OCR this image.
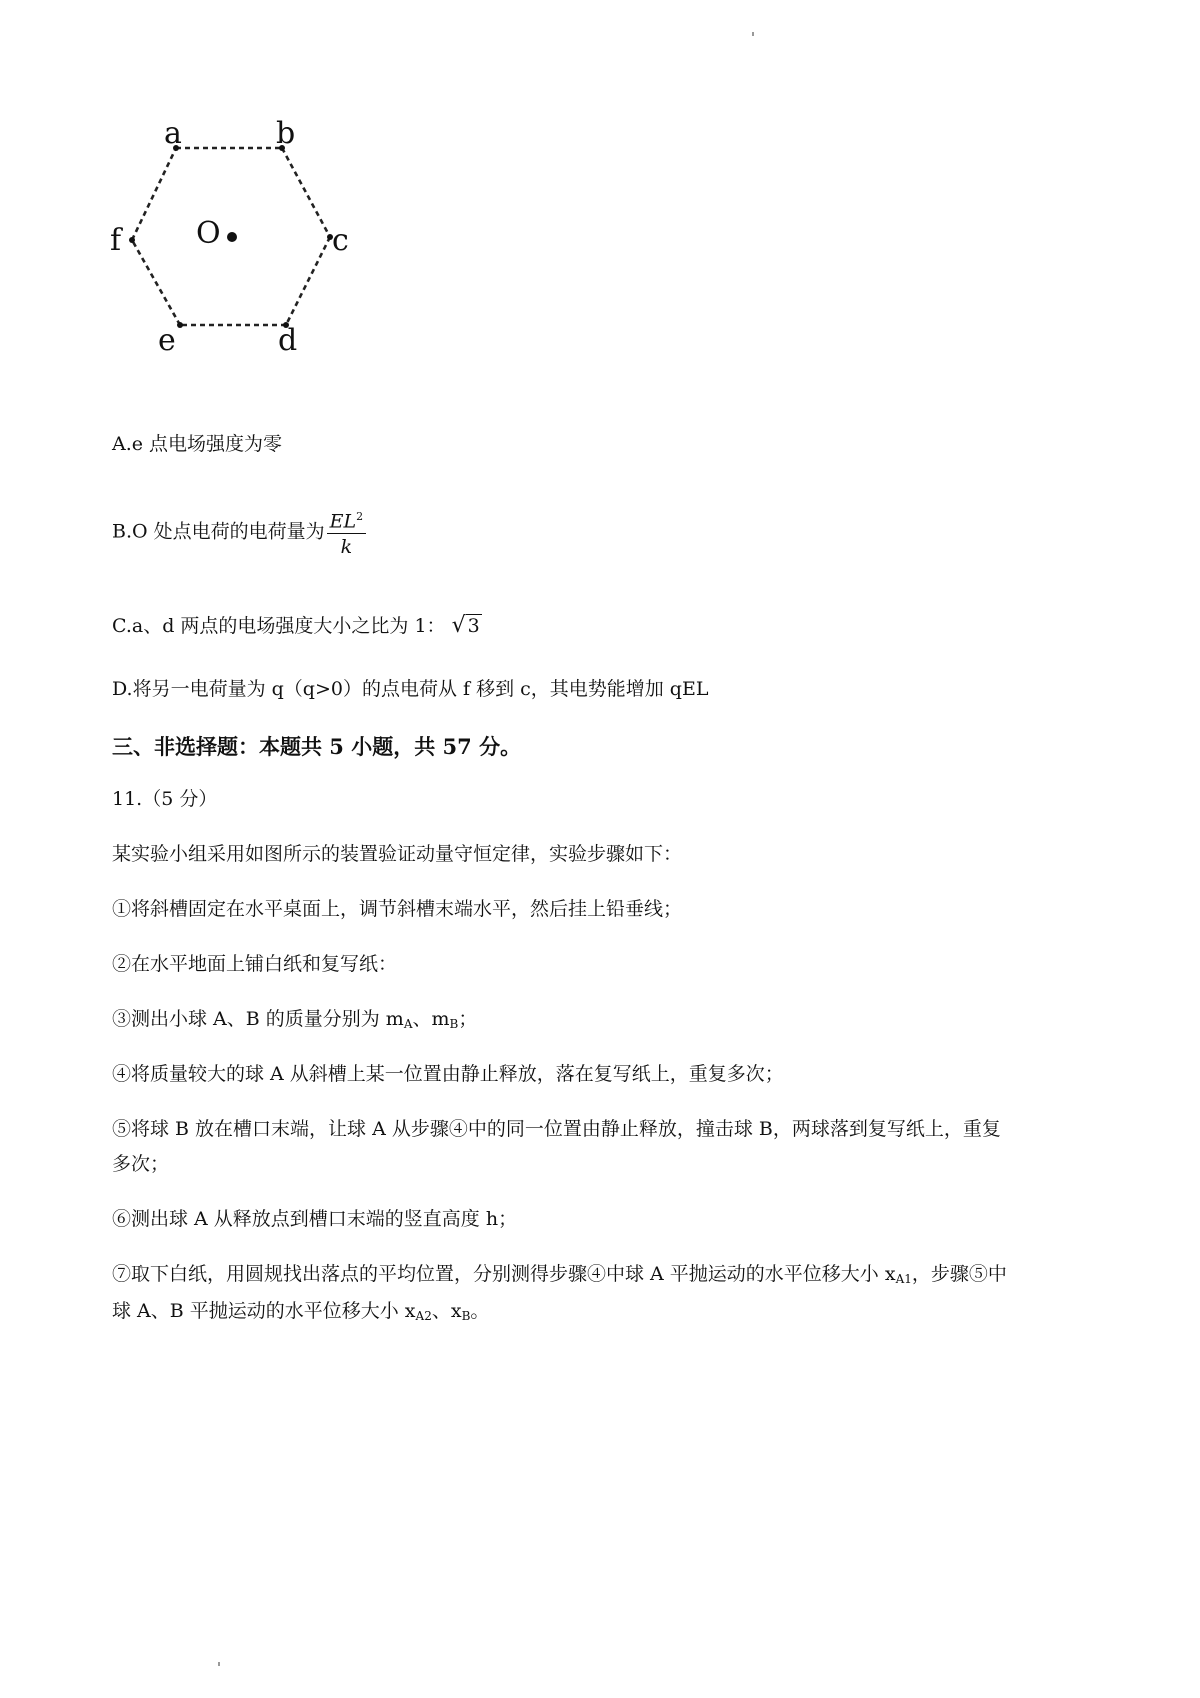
a	b
c
d
e
f O
A.e 点电场强度为零
B.O 处点电荷的电荷量为 $\frac{EL^2}{k}$
C.a、d 两点的电场强度大小之比为 1： √ 3
D.将另一电荷量为 q（q>0）的点电荷从 f 移到 c，其电势能增加 qEL
三、非选择题：本题共 5 小题，共 57 分。
11.（5 分）
某实验小组采用如图所示的装置验证动量守恒定律，实验步骤如下：
①将斜槽固定在水平桌面上，调节斜槽末端水平，然后挂上铅垂线；
②在水平地面上铺白纸和复写纸：
③测出小球 A、B 的质量分别为 $m_A$、$m_B$；
④将质量较大的球 A 从斜槽上某一位置由静止释放，落在复写纸上，重复多次；
⑤将球 B 放在槽口末端，让球 A 从步骤④中的同一位置由静止释放，撞击球 B，两球落到复写纸上，重复
多次；
⑥测出球 A 从释放点到槽口末端的竖直高度 h；
⑦取下白纸，用圆规找出落点的平均位置，分别测得步骤④中球 A 平抛运动的水平位移大小 $x_{A1}$，步骤⑤中
球 A、B 平抛运动的水平位移大小 $x_{A2}$、$x_B$。
